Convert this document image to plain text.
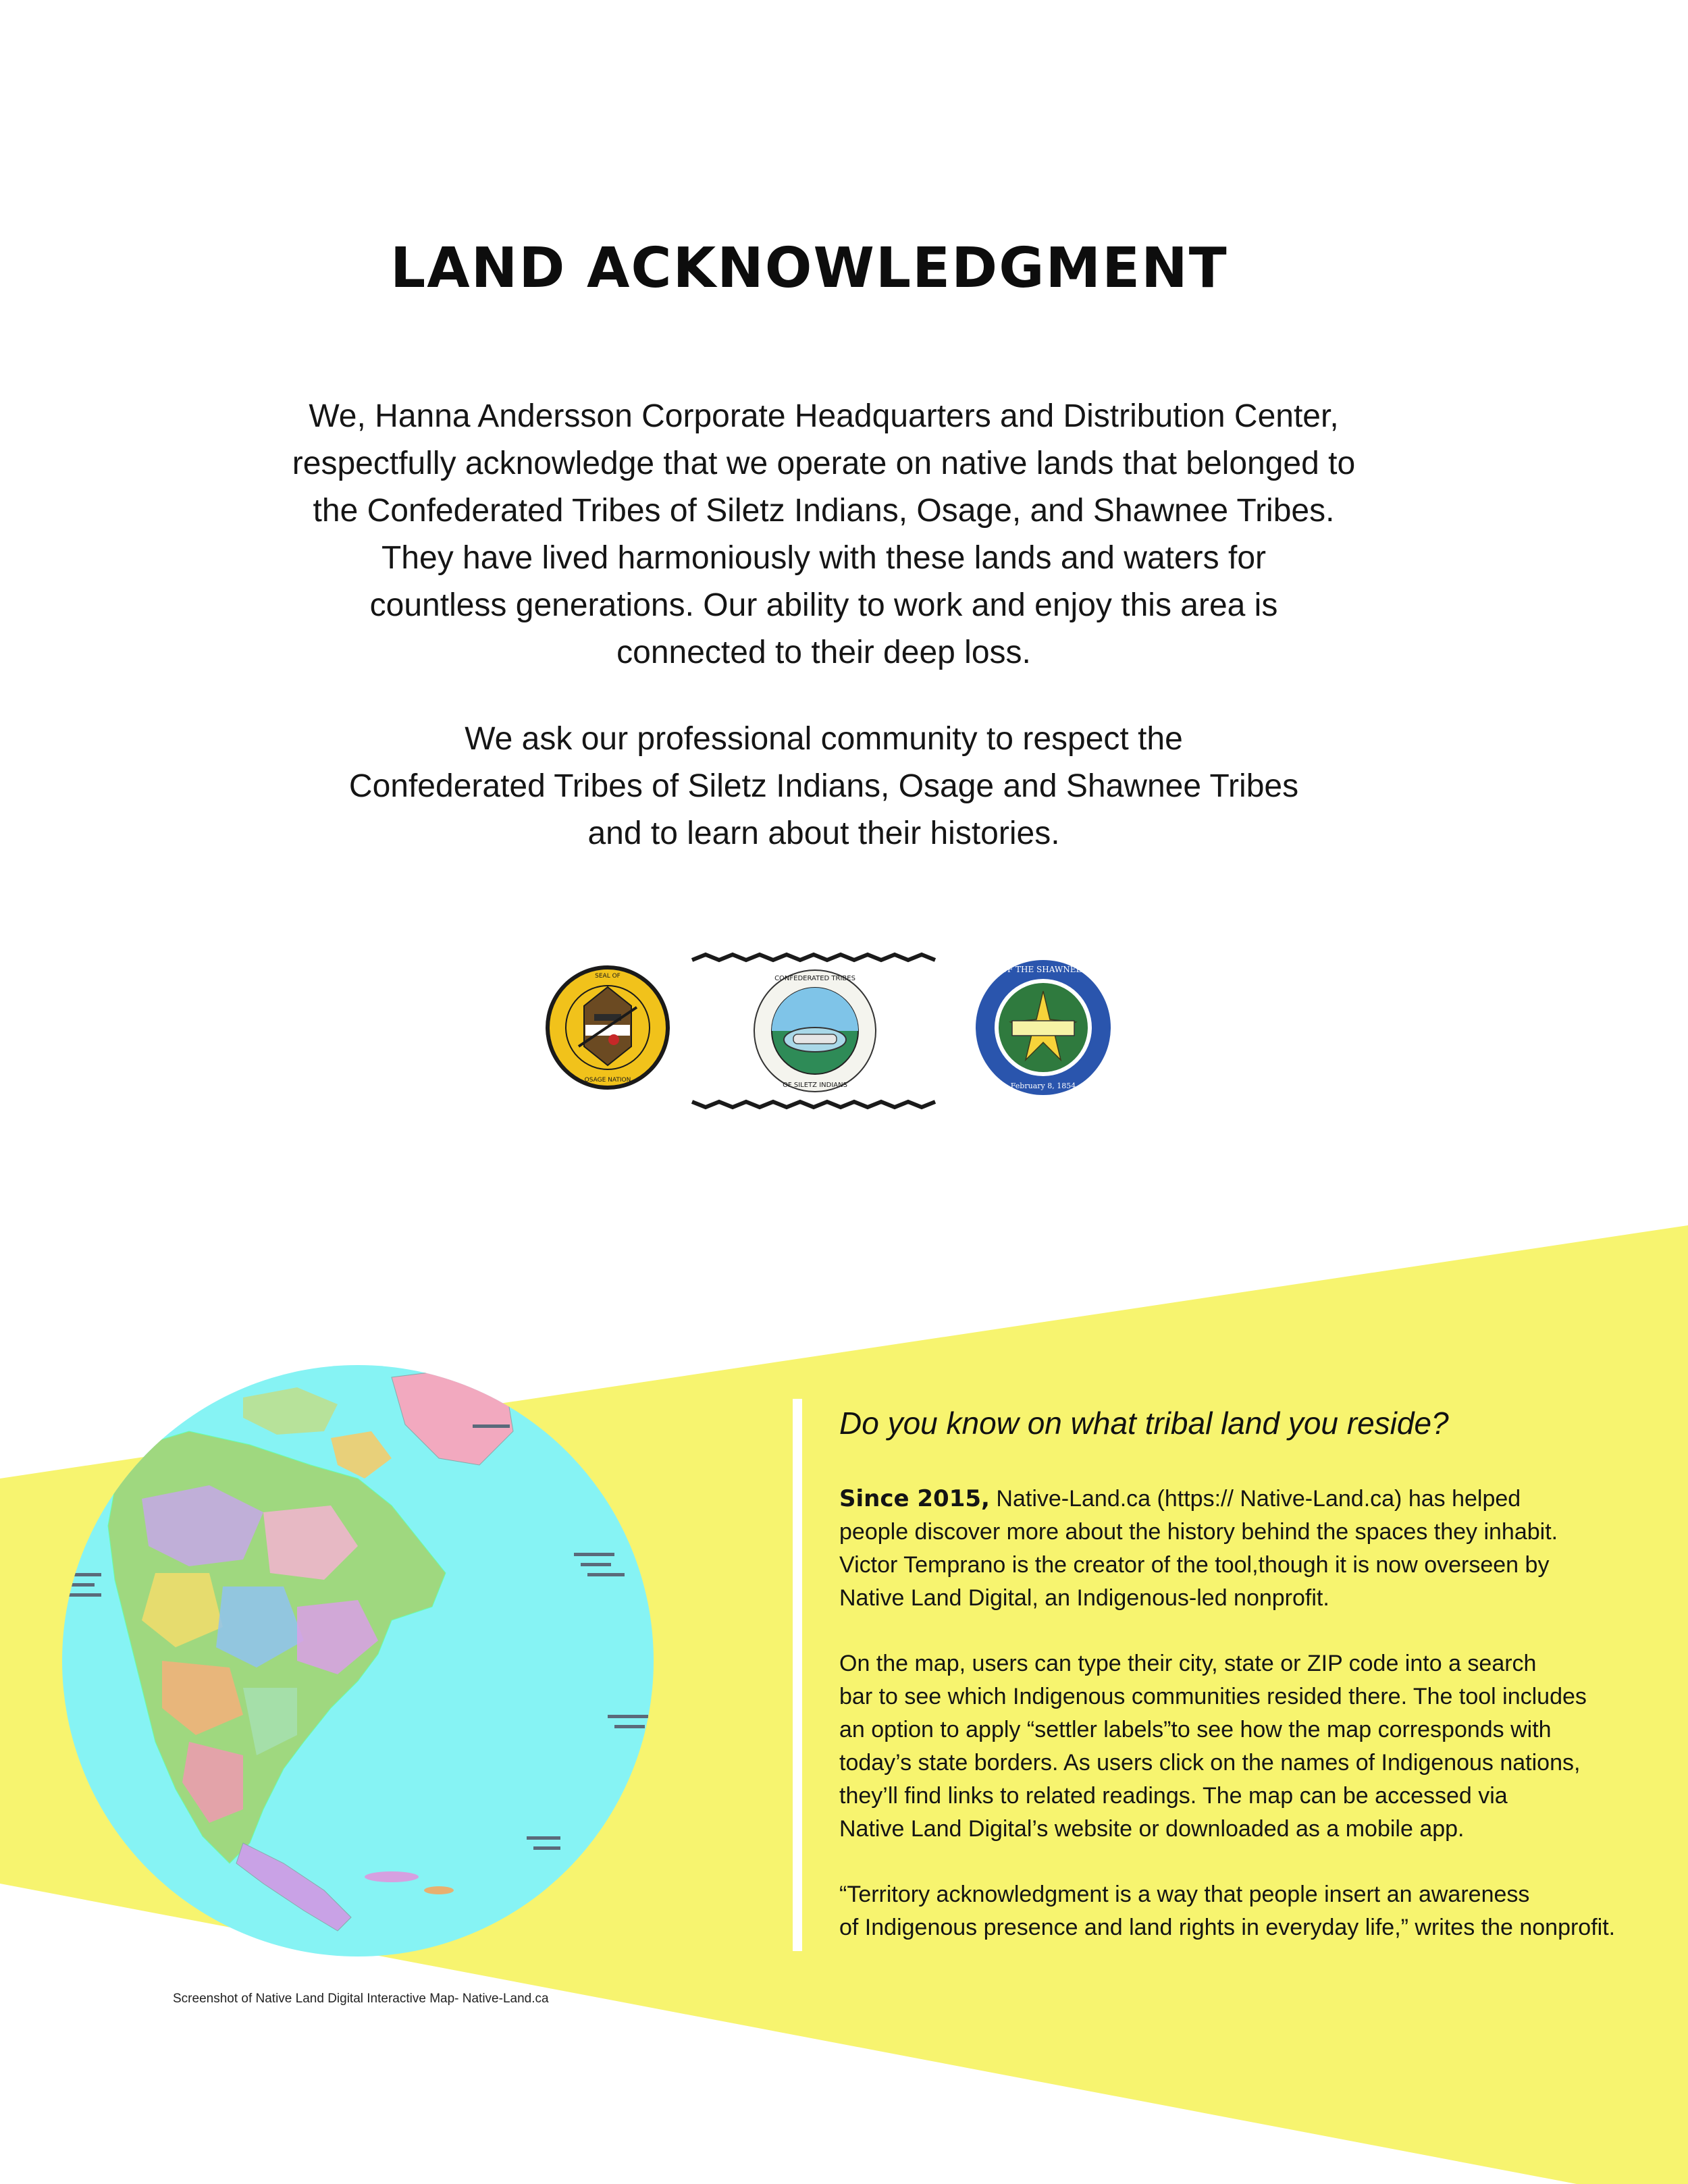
LAND ACKNOWLEDGMENT
We, Hanna Andersson Corporate Headquarters and Distribution Center,
respectfully acknowledge that we operate on native lands that belonged to
the Confederated Tribes of Siletz Indians, Osage, and Shawnee Tribes.
They have lived harmoniously with these lands and waters for
countless generations. Our ability to work and enjoy this area is
connected to their deep loss.
We ask our professional community to respect the
Confederated Tribes of Siletz Indians, Osage and Shawnee Tribes
and to learn about their histories.
SEAL OF
OSAGE NATION
CONFEDERATED TRIBES
OF SILETZ INDIANS
SEAL OF THE SHAWNEE TRIBE
February 8, 1854

Screenshot of Native Land Digital Interactive Map- Native-Land.ca

Do you know on what tribal land you reside?

Since 2015, Native-Land.ca (https:// Native-Land.ca) has helped
people discover more about the history behind the spaces they inhabit.
Victor Temprano is the creator of the tool,though it is now overseen by
Native Land Digital, an Indigenous-led nonprofit.
On the map, users can type their city, state or ZIP code into a search
bar to see which Indigenous communities resided there. The tool includes
an option to apply “settler labels”to see how the map corresponds with
today’s state borders. As users click on the names of Indigenous nations,
they’ll find links to related readings. The map can be accessed via
Native Land Digital’s website or downloaded as a mobile app.
“Territory acknowledgment is a way that people insert an awareness
of Indigenous presence and land rights in everyday life,” writes the nonprofit.
